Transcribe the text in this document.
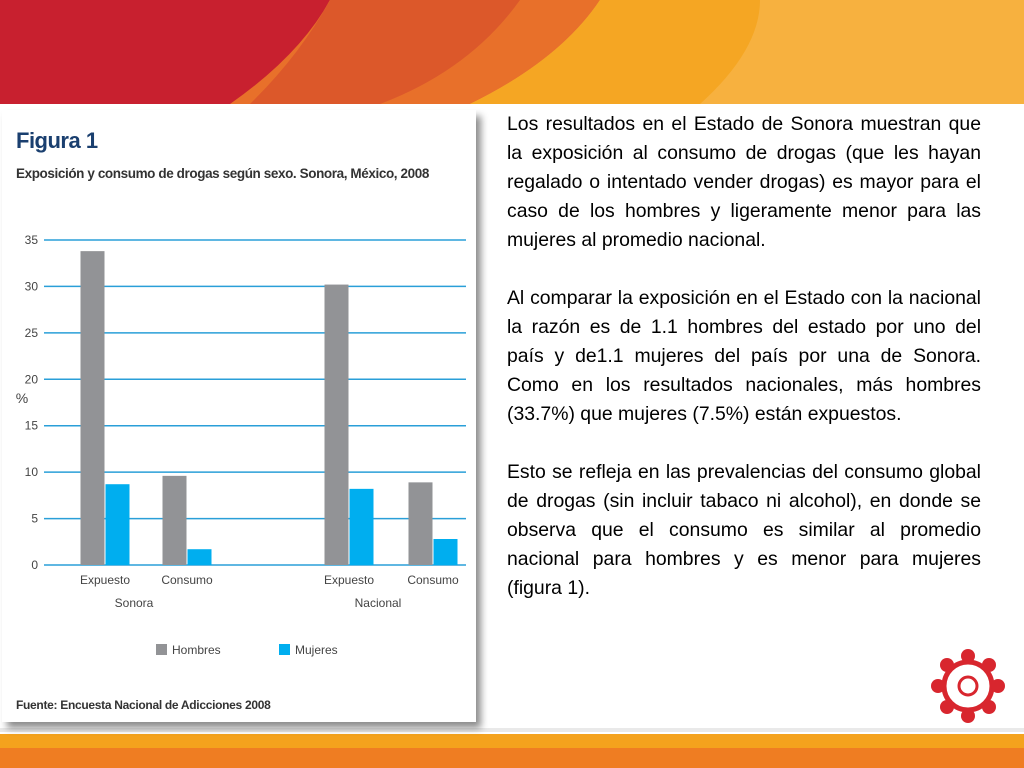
Figura 1

Exposición y consumo de drogas según sexo. Sonora, México, 2008

0
5
10
15
20
25
30
35
%
Expuesto	Consumo	Expuesto	Consumo
Sonora	Nacional
Hombres	Mujeres

Fuente: Encuesta Nacional de Adicciones 2008

Los resultados en el Estado de Sonora muestran que la exposición al consumo de drogas (que les hayan regalado o intentado vender drogas) es mayor para el caso de los hombres y ligeramente menor para las mujeres al promedio nacional.

Al comparar la exposición en el Estado con la nacional la razón es de 1.1 hombres del estado por uno del país y de1.1 mujeres del país por una de Sonora. Como en los resultados nacionales, más hombres (33.7%) que mujeres (7.5%) están expuestos.

Esto se refleja en las prevalencias del consumo global de drogas (sin incluir tabaco ni alcohol), en donde se observa que el consumo es similar al promedio nacional para hombres y es menor para mujeres (figura 1).
